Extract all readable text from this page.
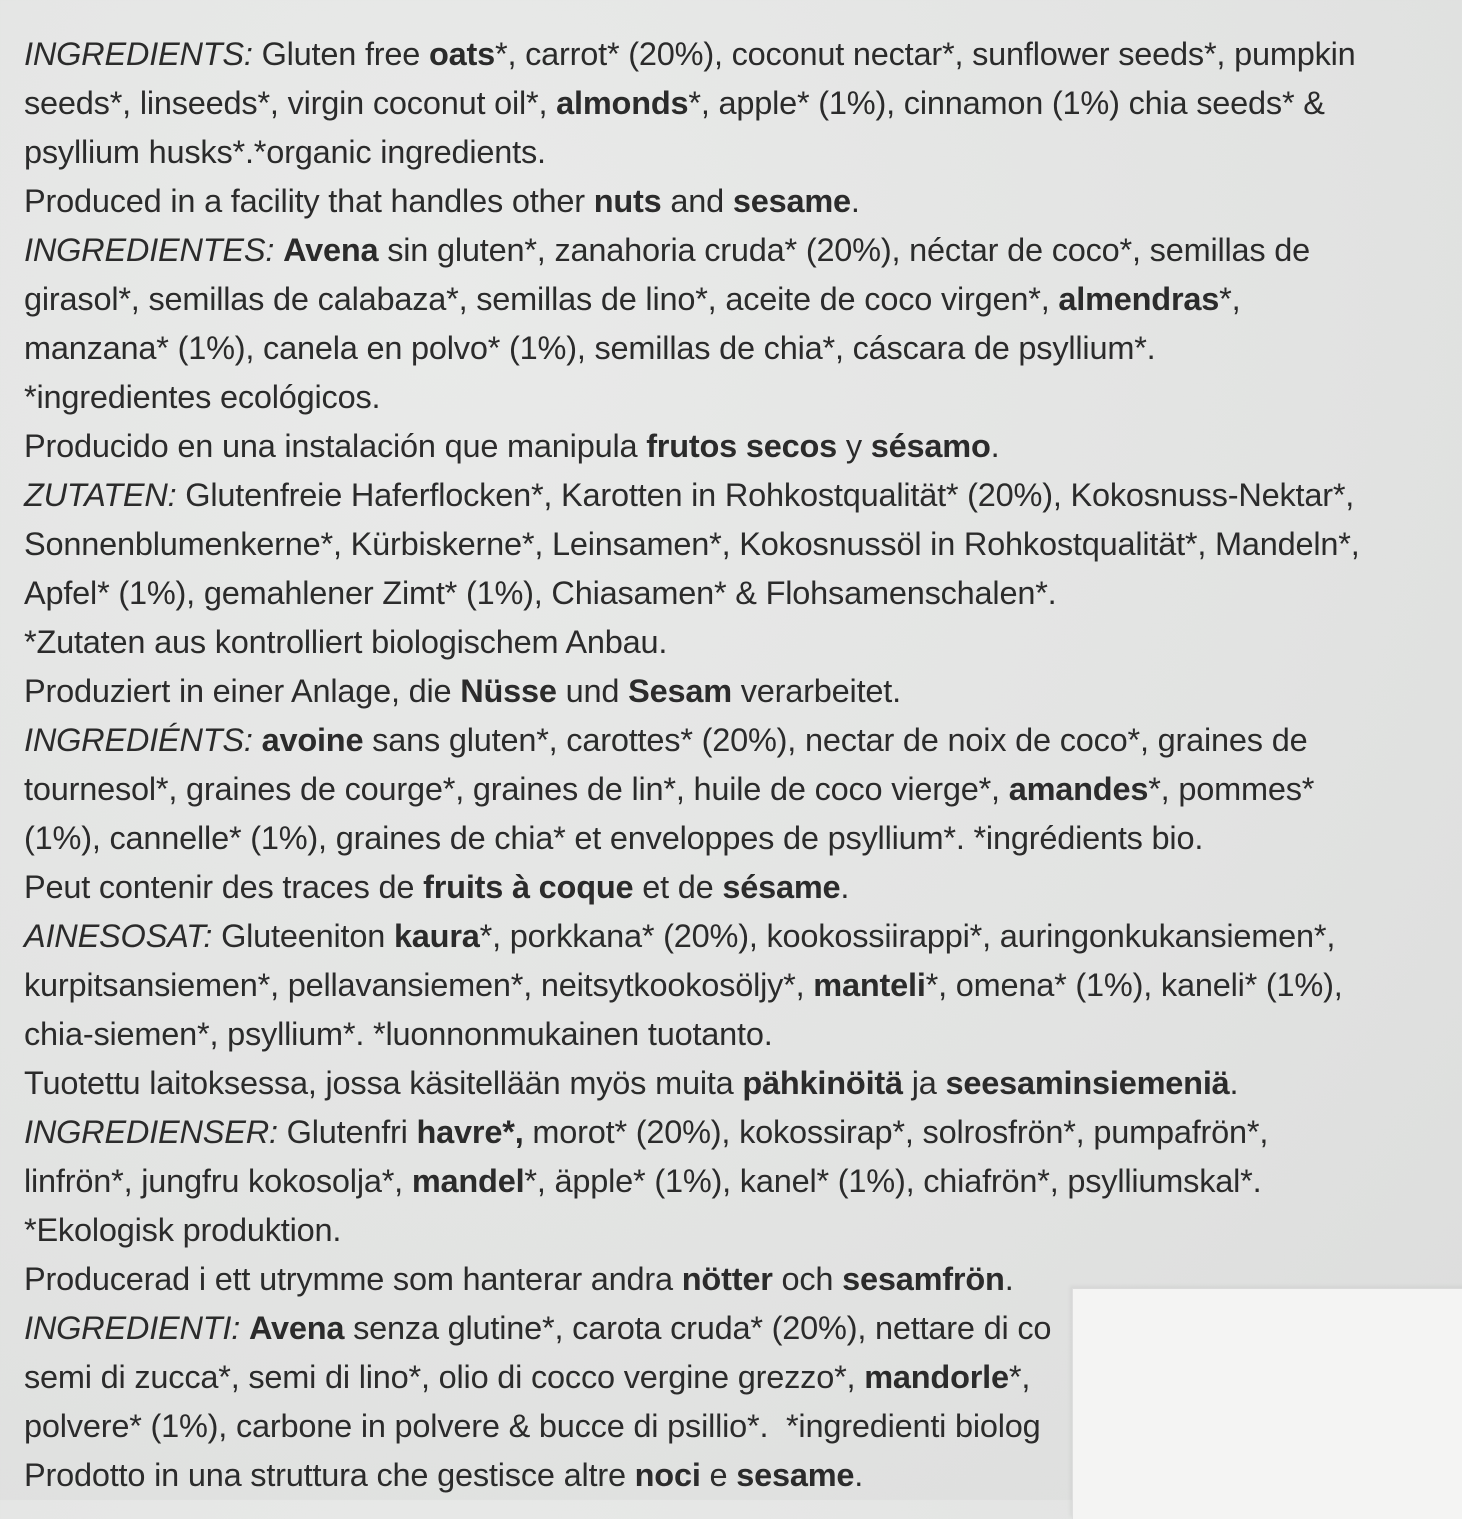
INGREDIENTS: Gluten free oats*, carrot* (20%), coconut nectar*, sunflower seeds*, pumpkin
seeds*, linseeds*, virgin coconut oil*, almonds*, apple* (1%), cinnamon (1%) chia seeds* &
psyllium husks*.*organic ingredients.
Produced in a facility that handles other nuts and sesame.
INGREDIENTES: Avena sin gluten*, zanahoria cruda* (20%), néctar de coco*, semillas de
girasol*, semillas de calabaza*, semillas de lino*, aceite de coco virgen*, almendras*,
manzana* (1%), canela en polvo* (1%), semillas de chia*, cáscara de psyllium*.
*ingredientes ecológicos.
Producido en una instalación que manipula frutos secos y sésamo.
ZUTATEN: Glutenfreie Haferflocken*, Karotten in Rohkostqualität* (20%), Kokosnuss-Nektar*,
Sonnenblumenkerne*, Kürbiskerne*, Leinsamen*, Kokosnussöl in Rohkostqualität*, Mandeln*,
Apfel* (1%), gemahlener Zimt* (1%), Chiasamen* & Flohsamenschalen*.
*Zutaten aus kontrolliert biologischem Anbau.
Produziert in einer Anlage, die Nüsse und Sesam verarbeitet.
INGREDIÉNTS: avoine sans gluten*, carottes* (20%), nectar de noix de coco*, graines de
tournesol*, graines de courge*, graines de lin*, huile de coco vierge*, amandes*, pommes*
(1%), cannelle* (1%), graines de chia* et enveloppes de psyllium*. *ingrédients bio.
Peut contenir des traces de fruits à coque et de sésame.
AINESOSAT: Gluteeniton kaura*, porkkana* (20%), kookossiirappi*, auringonkukansiemen*,
kurpitsansiemen*, pellavansiemen*, neitsytkookosöljy*, manteli*, omena* (1%), kaneli* (1%),
chia-siemen*, psyllium*. *luonnonmukainen tuotanto.
Tuotettu laitoksessa, jossa käsitellään myös muita pähkinöitä ja seesaminsiemeniä.
INGREDIENSER: Glutenfri havre*, morot* (20%), kokossirap*, solrosfrön*, pumpafrön*,
linfrön*, jungfru kokosolja*, mandel*, äpple* (1%), kanel* (1%), chiafrön*, psylliumskal*.
*Ekologisk produktion.
Producerad i ett utrymme som hanterar andra nötter och sesamfrön.
INGREDIENTI: Avena senza glutine*, carota cruda* (20%), nettare di co
semi di zucca*, semi di lino*, olio di cocco vergine grezzo*, mandorle*,
polvere* (1%), carbone in polvere & bucce di psillio*.  *ingredienti biolog
Prodotto in una struttura che gestisce altre noci e sesame.
